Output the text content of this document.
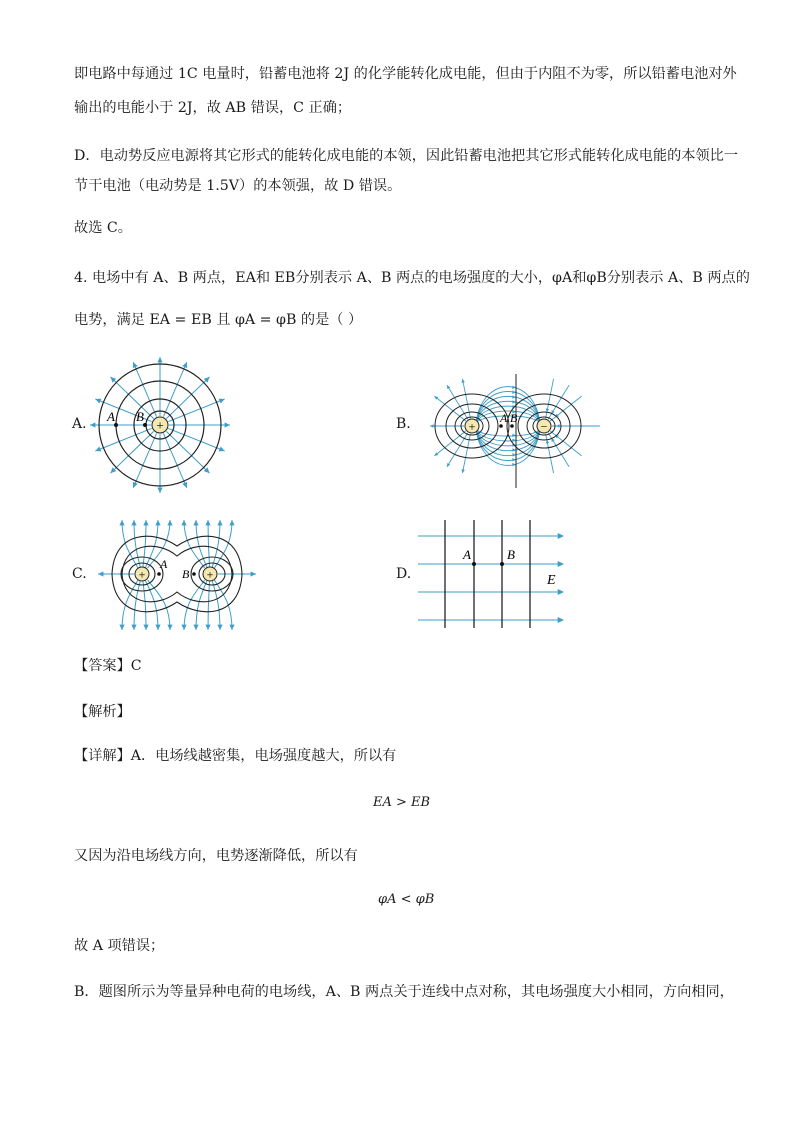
即电路中每通过 1C 电量时，铅蓄电池将 2J 的化学能转化成电能，但由于内阻不为零，所以铅蓄电池对外
输出的电能小于 2J，故 AB 错误，C 正确；
D．电动势反应电源将其它形式的能转化成电能的本领，因此铅蓄电池把其它形式能转化成电能的本领比一
节干电池（电动势是 1.5V）的本领强，故 D 错误。
故选 C。
4. 电场中有 A、B 两点，EA和 EB分别表示 A、B 两点的电场强度的大小，φA和φB分别表示 A、B 两点的
电势，满足 EA = EB 且 φA = φB 的是（ ）
A.	B.
C.	D.
+
A B
+	−
A B
+	+
A
B
A	B
E
【答案】C
【解析】
【详解】A．电场线越密集，电场强度越大，所以有
EA > EB
又因为沿电场线方向，电势逐渐降低，所以有
φA < φB
故 A 项错误；
B．题图所示为等量异种电荷的电场线，A、B 两点关于连线中点对称，其电场强度大小相同，方向相同，
